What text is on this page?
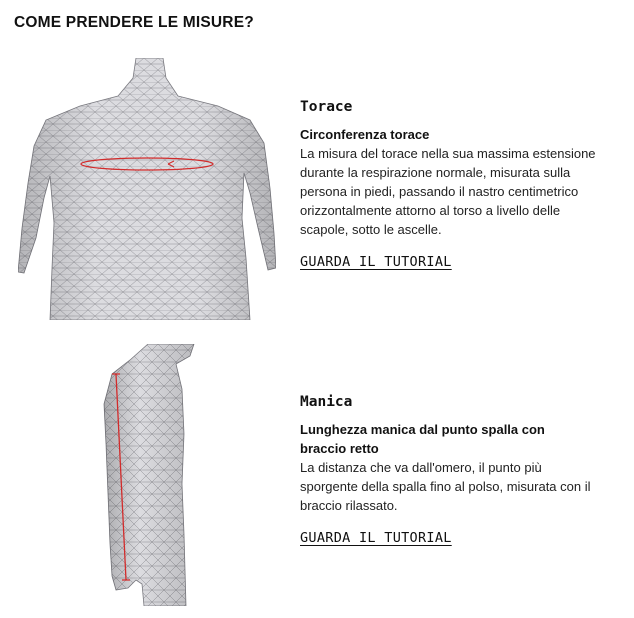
COME PRENDERE LE MISURE?
Torace

Circonferenza torace

La misura del torace nella sua massima estensione durante la respirazione normale, misurata sulla persona in piedi, passando il nastro centimetrico orizzontalmente attorno al torso a livello delle scapole, sotto le ascelle.

GUARDA IL TUTORIAL
Manica

Lunghezza manica dal punto spalla con braccio retto

La distanza che va dall'omero, il punto più sporgente della spalla fino al polso, misurata con il braccio rilassato.

GUARDA IL TUTORIAL
